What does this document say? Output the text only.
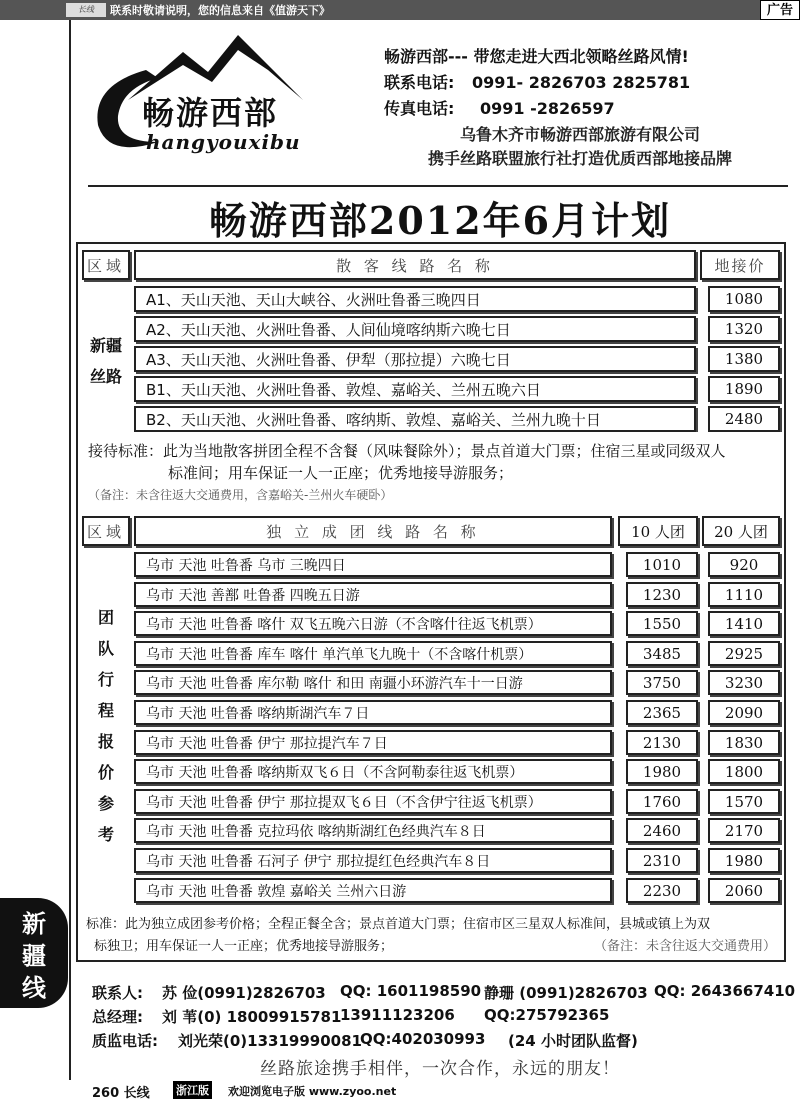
长线	联系时敬请说明，您的信息来自《值游天下》	广告
畅游西部
hangyouxibu
畅游西部--- 带您走进大西北领略丝路风情!
联系电话: 0991- 2826703 2825781
传真电话: 0991 -2826597
乌鲁木齐市畅游西部旅游有限公司
携手丝路联盟旅行社打造优质西部地接品牌
畅游西部2012年6月计划
区域	散 客 线 路 名 称	地接价
新疆
丝路
A1、天山天池、天山大峡谷、火洲吐鲁番三晚四日	1080
A2、天山天池、火洲吐鲁番、人间仙境喀纳斯六晚七日	1320
A3、天山天池、火洲吐鲁番、伊犁（那拉提）六晚七日	1380
B1、天山天池、火洲吐鲁番、敦煌、嘉峪关、兰州五晚六日	1890
B2、天山天池、火洲吐鲁番、喀纳斯、敦煌、嘉峪关、兰州九晚十日	2480
接待标准：此为当地散客拼团全程不含餐（风味餐除外）；景点首道大门票；住宿三星或同级双人
标准间；用车保证一人一正座；优秀地接导游服务；
（备注：未含往返大交通费用，含嘉峪关-兰州火车硬卧）
区域	独 立 成 团 线 路 名 称	10 人团	20 人团
团
队
行
程
报
价
参
考
乌市 天池 吐鲁番 乌市 三晚四日	1010	920
乌市 天池 善鄯 吐鲁番 四晚五日游	1230	1110
乌市 天池 吐鲁番 喀什 双飞五晚六日游（不含喀什往返飞机票）	1550	1410
乌市 天池 吐鲁番 库车 喀什 单汽单飞九晚十（不含喀什机票）	3485	2925
乌市 天池 吐鲁番 库尔勒 喀什 和田 南疆小环游汽车十一日游	3750	3230
乌市 天池 吐鲁番 喀纳斯湖汽车７日	2365	2090
乌市 天池 吐鲁番 伊宁 那拉提汽车７日	2130	1830
乌市 天池 吐鲁番 喀纳斯双飞６日（不含阿勒泰往返飞机票）	1980	1800
乌市 天池 吐鲁番 伊宁 那拉提双飞６日（不含伊宁往返飞机票）	1760	1570
乌市 天池 吐鲁番 克拉玛依 喀纳斯湖红色经典汽车８日	2460	2170
乌市 天池 吐鲁番 石河子 伊宁 那拉提红色经典汽车８日	2310	1980
乌市 天池 吐鲁番 敦煌 嘉峪关 兰州六日游	2230	2060
标准：此为独立成团参考价格；全程正餐全含；景点首道大门票；住宿市区三星双人标准间，县城或镇上为双
标独卫；用车保证一人一正座；优秀地接导游服务；	（备注：未含往返大交通费用）
新
疆
线	联系人: 苏 俭(0991)2826703 QQ: 1601198590 静珊 (0991)2826703 QQ: 2643667410
总经理: 刘 苇(0) 18009915781
13911123206 QQ:275792365
质监电话: 刘光荣(0)13319990081
QQ:402030993 (24 小时团队监督)
丝路旅途携手相伴，一次合作，永远的朋友！
260 长线 浙江版 欢迎浏览电子版 www.zyoo.net
